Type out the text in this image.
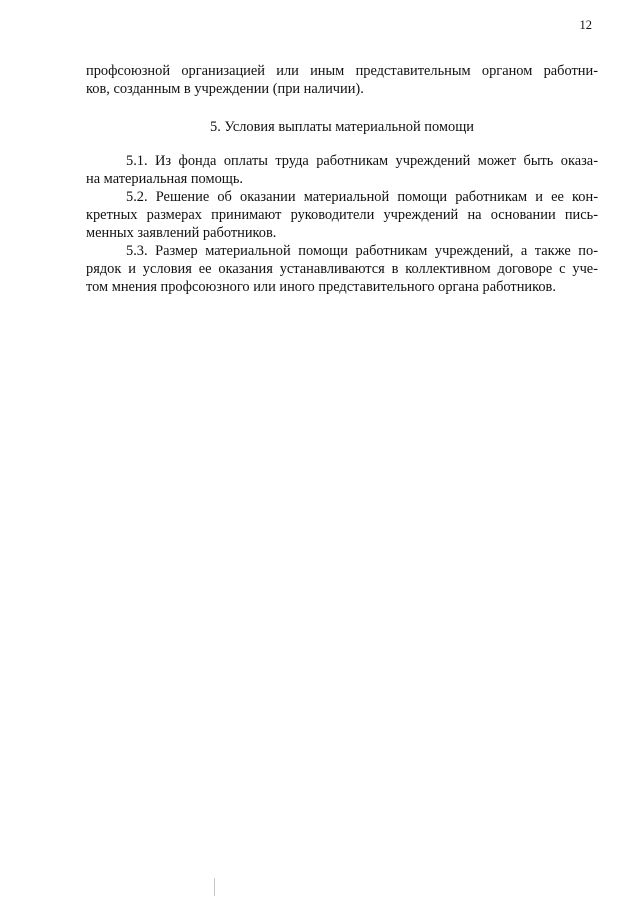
12
профсоюзной организацией или иным представительным органом работни-
ков, созданным в учреждении (при наличии).
5. Условия выплаты материальной помощи
5.1. Из фонда оплаты труда работникам учреждений может быть оказа-
на материальная помощь.
5.2. Решение об оказании материальной помощи работникам и ее кон-
кретных размерах принимают руководители учреждений на основании пись-
менных заявлений работников.
5.3. Размер материальной помощи работникам учреждений, а также по-
рядок и условия ее оказания устанавливаются в коллективном договоре с уче-
том мнения профсоюзного или иного представительного органа работников.
